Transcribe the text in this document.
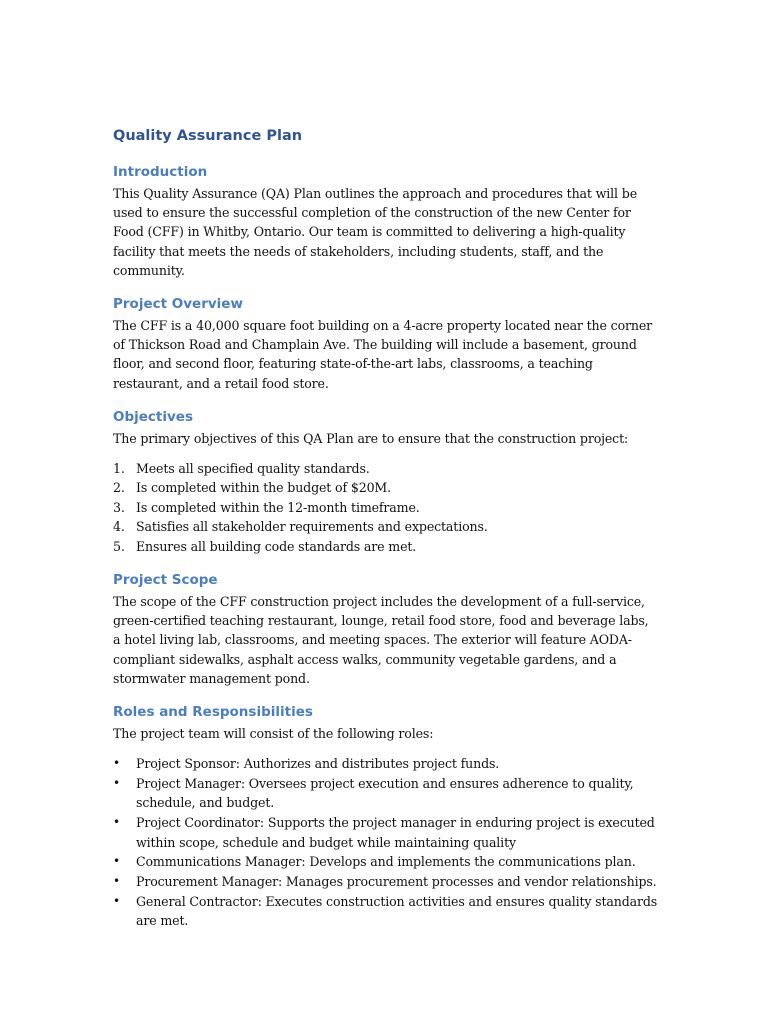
Quality Assurance Plan
Introduction

This Quality Assurance (QA) Plan outlines the approach and procedures that will be used to ensure the successful completion of the construction of the new Center for Food (CFF) in Whitby, Ontario. Our team is committed to delivering a high-quality facility that meets the needs of stakeholders, including students, staff, and the community.

Project Overview

The CFF is a 40,000 square foot building on a 4-acre property located near the corner of Thickson Road and Champlain Ave. The building will include a basement, ground floor, and second floor, featuring state-of-the-art labs, classrooms, a teaching restaurant, and a retail food store.

Objectives

The primary objectives of this QA Plan are to ensure that the construction project:

1. Meets all specified quality standards.
2. Is completed within the budget of $20M.
3. Is completed within the 12-month timeframe.
4. Satisfies all stakeholder requirements and expectations.
5. Ensures all building code standards are met.
Project Scope

The scope of the CFF construction project includes the development of a full-service, green-certified teaching restaurant, lounge, retail food store, food and beverage labs, a hotel living lab, classrooms, and meeting spaces. The exterior will feature AODA-compliant sidewalks, asphalt access walks, community vegetable gardens, and a stormwater management pond.

Roles and Responsibilities

The project team will consist of the following roles:

•	Project Sponsor: Authorizes and distributes project funds.
•	Project Manager: Oversees project execution and ensures adherence to quality, schedule, and budget.
•	Project Coordinator: Supports the project manager in enduring project is executed within scope, schedule and budget while maintaining quality
•	Communications Manager: Develops and implements the communications plan.
•	Procurement Manager: Manages procurement processes and vendor relationships.
•	General Contractor: Executes construction activities and ensures quality standards are met.
